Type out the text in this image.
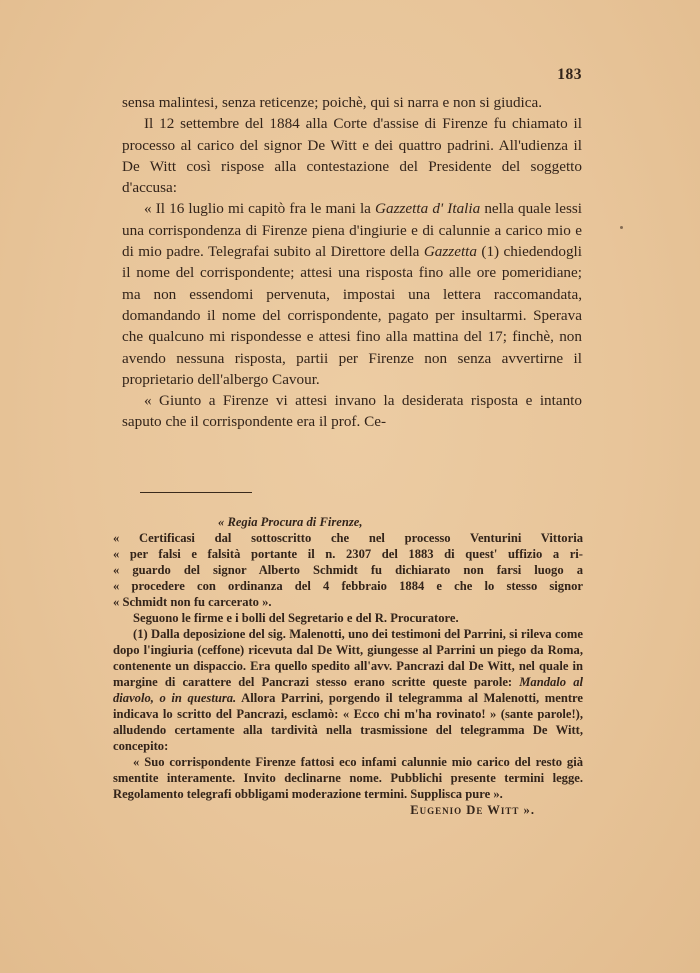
183

sensa malintesi, senza reticenze; poichè, qui si narra e non si giudica.

Il 12 settembre del 1884 alla Corte d'assise di Firenze fu chiamato il processo al carico del signor De Witt e dei quattro padrini. All'udienza il De Witt così rispose alla contestazione del Presidente del soggetto d'accusa:

« Il 16 luglio mi capitò fra le mani la Gazzetta d' Italia nella quale lessi una corrispondenza di Firenze piena d'ingiurie e di calunnie a carico mio e di mio padre. Telegrafai subito al Direttore della Gazzetta (1) chiedendogli il nome del corrispondente; attesi una risposta fino alle ore pomeridiane; ma non essendomi pervenuta, impostai una lettera raccomandata, domandando il nome del corrispondente, pagato per insultarmi. Sperava che qualcuno mi rispondesse e attesi fino alla mattina del 17; finchè, non avendo nessuna risposta, partii per Firenze non senza avvertirne il proprietario dell'albergo Cavour.

« Giunto a Firenze vi attesi invano la desiderata risposta e intanto saputo che il corrispondente era il prof. Ce-

« Regia Procura di Firenze,

« Certificasi dal sottoscritto che nel processo Venturini Vittoria
« per falsi e falsità portante il n. 2307 del 1883 di quest' uffizio a ri-
« guardo del signor Alberto Schmidt fu dichiarato non farsi luogo a
« procedere con ordinanza del 4 febbraio 1884 e che lo stesso signor
« Schmidt non fu carcerato ».

Seguono le firme e i bolli del Segretario e del R. Procuratore.

(1) Dalla deposizione del sig. Malenotti, uno dei testimoni del Parrini, si rileva come dopo l'ingiuria (ceffone) ricevuta dal De Witt, giungesse al Parrini un piego da Roma, contenente un dispaccio. Era quello spedito all'avv. Pancrazi dal De Witt, nel quale in margine di carattere del Pancrazi stesso erano scritte queste parole: Mandalo al diavolo, o in questura. Allora Parrini, porgendo il telegramma al Malenotti, mentre indicava lo scritto del Pancrazi, esclamò: « Ecco chi m'ha rovinato! » (sante parole!), alludendo certamente alla tardività nella trasmissione del telegramma De Witt, concepito:

« Suo corrispondente Firenze fattosi eco infami calunnie mio carico del resto già smentite interamente. Invito declinarne nome. Pubblichi presente termini legge. Regolamento telegrafi obbligami moderazione termini. Supplisca pure ».

Eugenio De Witt ».
